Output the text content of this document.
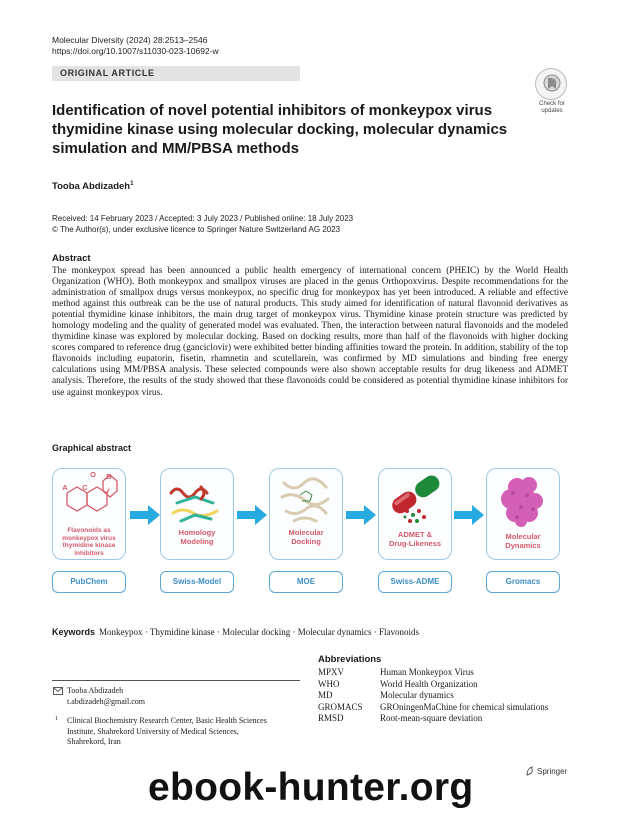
Molecular Diversity (2024) 28:2513–2546
https://doi.org/10.1007/s11030-023-10692-w
ORIGINAL ARTICLE
Check for
updates
Identification of novel potential inhibitors of monkeypox virus thymidine kinase using molecular docking, molecular dynamics simulation and MM/PBSA methods
Tooba Abdizadeh$^1$
Received: 14 February 2023 / Accepted: 3 July 2023 / Published online: 18 July 2023
© The Author(s), under exclusive licence to Springer Nature Switzerland AG 2023
Abstract
The monkeypox spread has been announced a public health emergency of international concern (PHEIC) by the World Health Organization (WHO). Both monkeypox and smallpox viruses are placed in the genus Orthopoxvirus. Despite recommendations for the administration of smallpox drugs versus monkeypox, no specific drug for monkeypox has yet been introduced. A reliable and effective method against this outbreak can be the use of natural products. This study aimed for identification of natural flavonoid derivatives as potential thymidine kinase inhibitors, the main drug target of monkeypox virus. Thymidine kinase protein structure was predicted by homology modeling and the quality of generated model was evaluated. Then, the interaction between natural flavonoids and the modeled thymidine kinase was explored by molecular docking. Based on docking results, more than half of the flavonoids with higher docking scores compared to reference drug (ganciclovir) were exhibited better binding affinities toward the protein. In addition, stability of the top flavonoids including eupatorin, fisetin, rhamnetin and scutellarein, was confirmed by MD simulations and binding free energy calculations using MM/PBSA analysis. These selected compounds were also shown acceptable results for drug likeness and ADMET analysis. Therefore, the results of the study showed that these flavonoids could be considered as potential thymidine kinase inhibitors for use against monkeypox virus.
Graphical abstract
A	C
B
O
Flavonoids as
monkeypox virus
thymidine kinase
inhibitors
Homology
Modeling
Molecular
Docking
ADMET &
Drug-Likeness
Molecular
Dynamics
PubChem	Swiss-Model	MOE	Swiss-ADME	Gromacs
Keywords Monkeypox · Thymidine kinase · Molecular docking · Molecular dynamics · Flavonoids
Abbreviations
MPXV	Human Monkeypox Virus
WHO	World Health Organization
MD	Molecular dynamics
GROMACS	GROningenMaChine for chemical simulations
RMSD	Root-mean-square deviation
Tooba Abdizadeh
t.abdizadeh@gmail.com
1 Clinical Biochemistry Research Center, Basic Health Sciences Institute, Shahrekord University of Medical Sciences, Shahrekord, Iran
Springer
ebook-hunter.org
